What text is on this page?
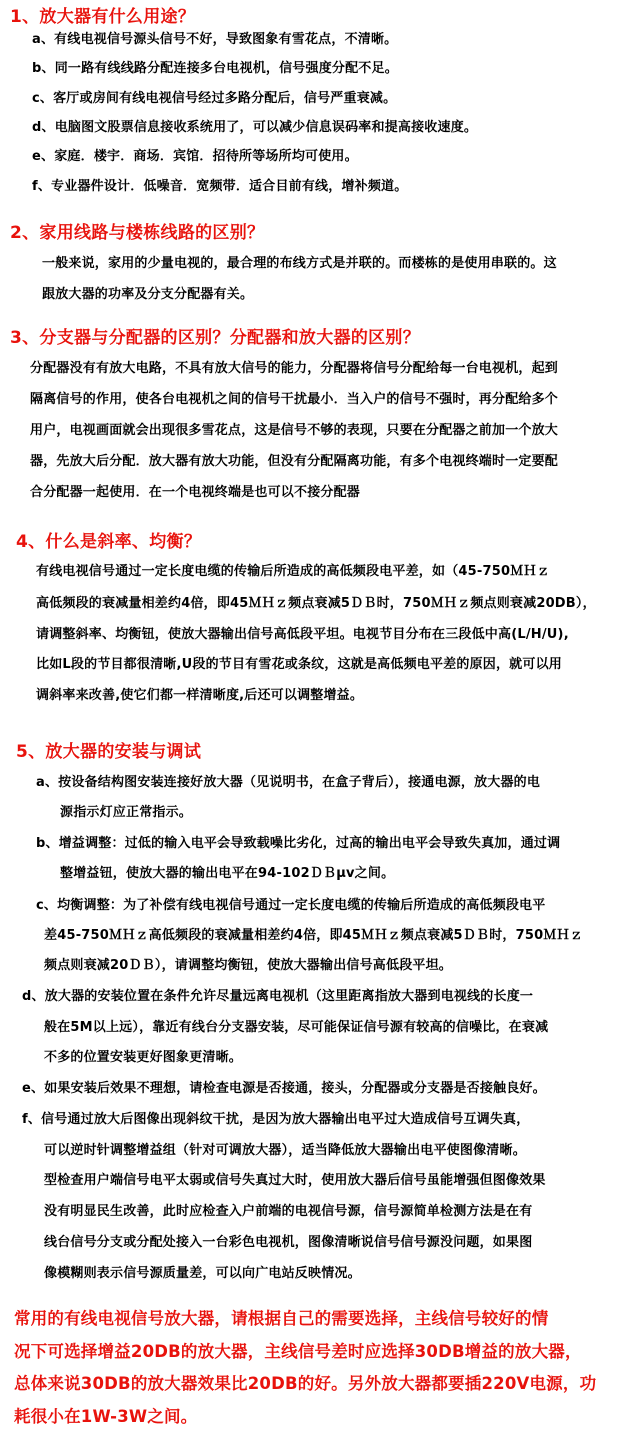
1、放大器有什么用途？
a、有线电视信号源头信号不好，导致图象有雪花点，不清晰。
b、同一路有线线路分配连接多台电视机，信号强度分配不足。
c、客厅或房间有线电视信号经过多路分配后，信号严重衰减。
d、电脑图文股票信息接收系统用了，可以减少信息误码率和提高接收速度。
e、家庭．楼宇．商场．宾馆．招待所等场所均可使用。
f、专业器件设计．低噪音．宽频带．适合目前有线，增补频道。
2、家用线路与楼栋线路的区别？
一般来说，家用的少量电视的，最合理的布线方式是并联的。而楼栋的是使用串联的。这
跟放大器的功率及分支分配器有关。
3、分支器与分配器的区别？分配器和放大器的区别？
分配器没有有放大电路，不具有放大信号的能力，分配器将信号分配给每一台电视机，起到
隔离信号的作用，使各台电视机之间的信号干扰最小．当入户的信号不强时，再分配给多个
用户，电视画面就会出现很多雪花点，这是信号不够的表现，只要在分配器之前加一个放大
器，先放大后分配．放大器有放大功能，但没有分配隔离功能，有多个电视终端时一定要配
合分配器一起使用．在一个电视终端是也可以不接分配器
4、什么是斜率、均衡？
有线电视信号通过一定长度电缆的传输后所造成的高低频段电平差，如（45-750ＭＨｚ
高低频段的衰减量相差约4倍，即45ＭＨｚ频点衰减5ＤＢ时，750ＭＨｚ频点则衰减20DB），
请调整斜率、均衡钮，使放大器输出信号高低段平坦。电视节目分布在三段低中高(L/H/U),
比如L段的节目都很清晰,U段的节目有雪花或条纹，这就是高低频电平差的原因，就可以用
调斜率来改善,使它们都一样清晰度,后还可以调整增益。
5、放大器的安装与调试
a、按设备结构图安装连接好放大器（见说明书，在盒子背后），接通电源，放大器的电
源指示灯应正常指示。
b、增益调整：过低的输入电平会导致载噪比劣化，过高的输出电平会导致失真加，通过调
整增益钮，使放大器的输出电平在94-102ＤＢμv之间。
c、均衡调整：为了补偿有线电视信号通过一定长度电缆的传输后所造成的高低频段电平
差45-750ＭＨｚ高低频段的衰减量相差约4倍，即45ＭＨｚ频点衰减5ＤＢ时，750ＭＨｚ
频点则衰减20ＤＢ），请调整均衡钮，使放大器输出信号高低段平坦。
d、放大器的安装位置在条件允许尽量远离电视机（这里距离指放大器到电视线的长度一
般在5M以上远），靠近有线台分支器安装，尽可能保证信号源有较高的信噪比，在衰减
不多的位置安装更好图象更清晰。
e、如果安装后效果不理想，请检查电源是否接通，接头，分配器或分支器是否接触良好。
f、信号通过放大后图像出现斜纹干扰，是因为放大器输出电平过大造成信号互调失真，
可以逆时针调整增益组（针对可调放大器），适当降低放大器输出电平使图像清晰。
型检查用户端信号电平太弱或信号失真过大时，使用放大器后信号虽能增强但图像效果
没有明显民生改善，此时应检查入户前端的电视信号源，信号源简单检测方法是在有
线台信号分支或分配处接入一台彩色电视机，图像清晰说信号信号源没问题，如果图
像模糊则表示信号源质量差，可以向广电站反映情况。
常用的有线电视信号放大器，请根据自己的需要选择，主线信号较好的情
况下可选择增益20DB的放大器，主线信号差时应选择30DB增益的放大器，
总体来说30DB的放大器效果比20DB的好。另外放大器都要插220V电源，功
耗很小在1W-3W之间。
